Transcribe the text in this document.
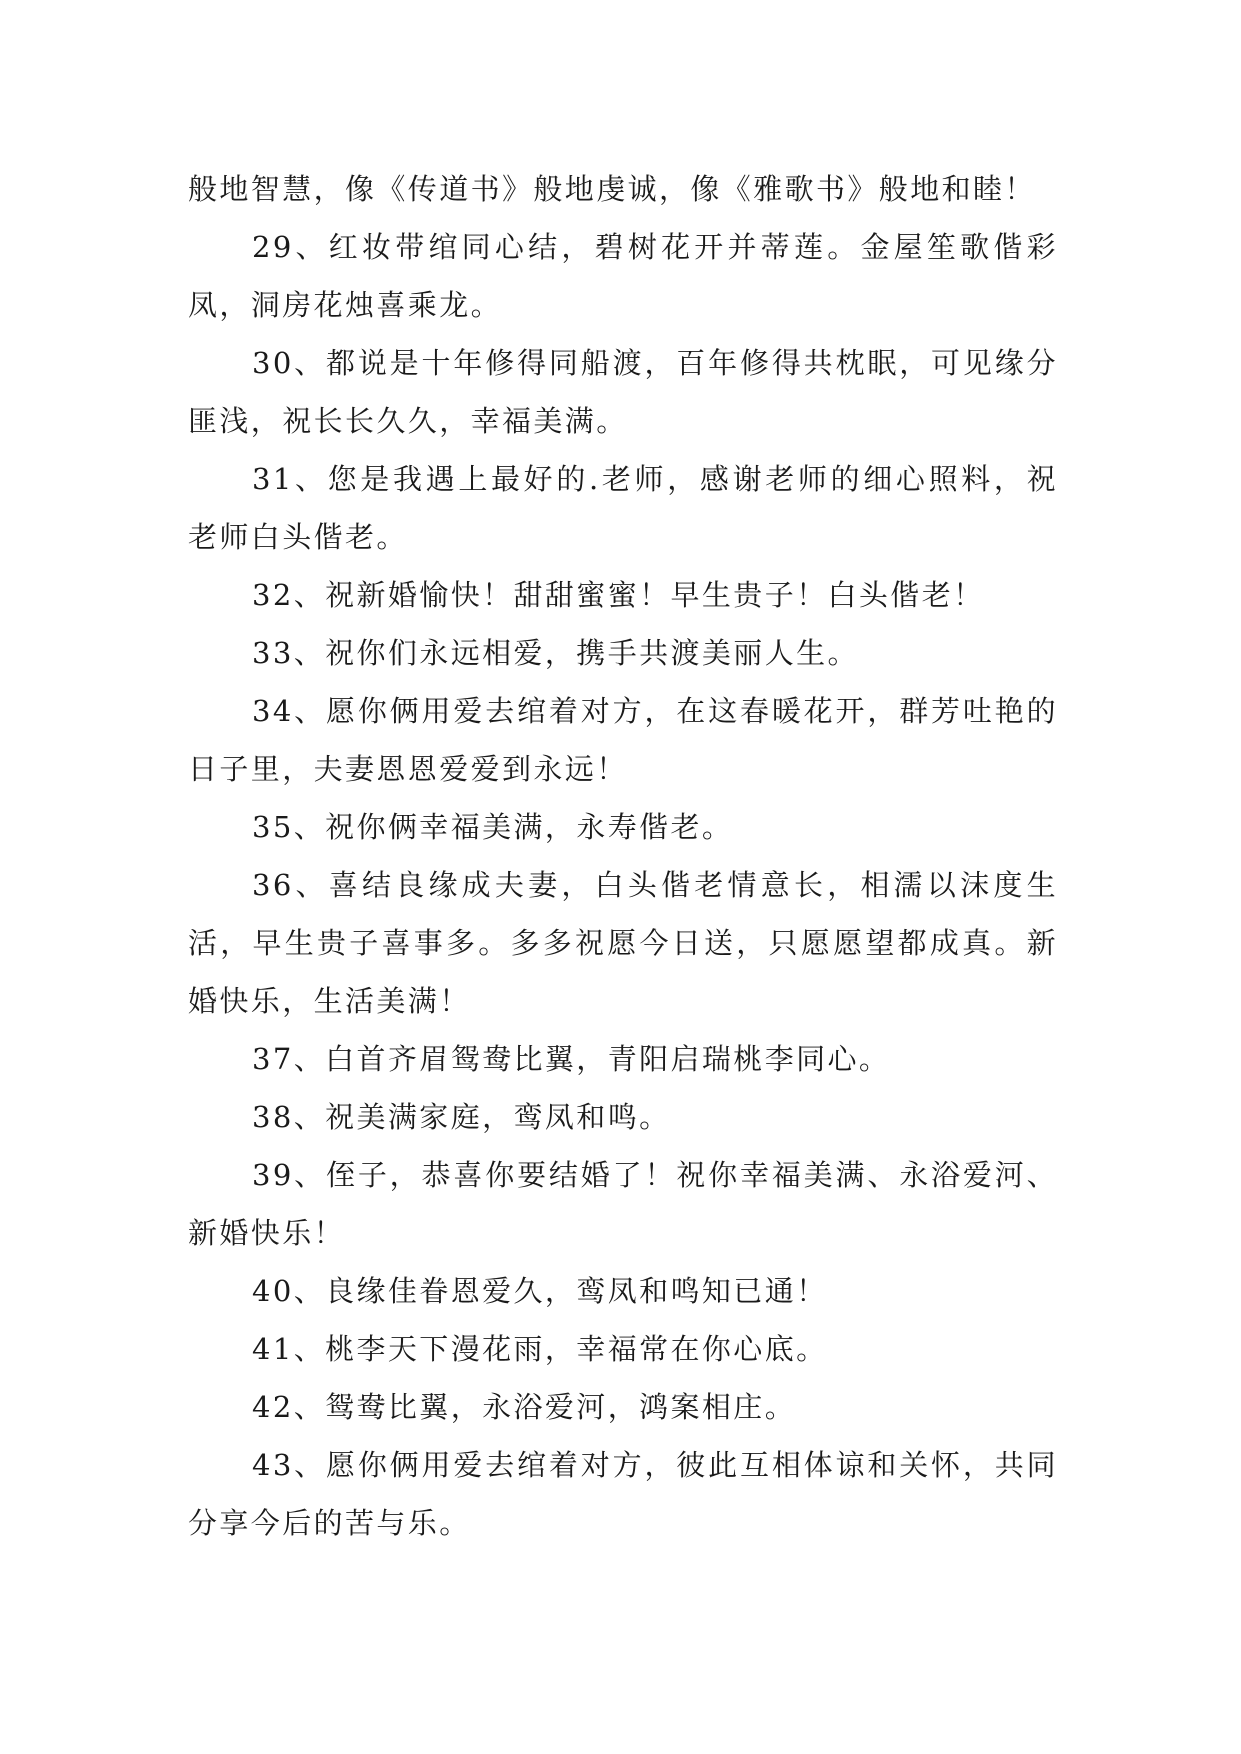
般地智慧，像《传道书》般地虔诚，像《雅歌书》般地和睦！

29、红妆带绾同心结，碧树花开并蒂莲。金屋笙歌偕彩凤，洞房花烛喜乘龙。

30、都说是十年修得同船渡，百年修得共枕眠，可见缘分匪浅，祝长长久久，幸福美满。

31、您是我遇上最好的.老师，感谢老师的细心照料，祝老师白头偕老。

32、祝新婚愉快！甜甜蜜蜜！早生贵子！白头偕老！

33、祝你们永远相爱，携手共渡美丽人生。

34、愿你俩用爱去绾着对方，在这春暖花开，群芳吐艳的日子里，夫妻恩恩爱爱到永远！

35、祝你俩幸福美满，永寿偕老。

36、喜结良缘成夫妻，白头偕老情意长，相濡以沫度生活，早生贵子喜事多。多多祝愿今日送，只愿愿望都成真。新婚快乐，生活美满！

37、白首齐眉鸳鸯比翼，青阳启瑞桃李同心。

38、祝美满家庭，鸾凤和鸣。

39、侄子，恭喜你要结婚了！祝你幸福美满、永浴爱河、新婚快乐！

40、良缘佳眷恩爱久，鸾凤和鸣知已通！

41、桃李天下漫花雨，幸福常在你心底。

42、鸳鸯比翼，永浴爱河，鸿案相庄。

43、愿你俩用爱去绾着对方，彼此互相体谅和关怀，共同分享今后的苦与乐。
